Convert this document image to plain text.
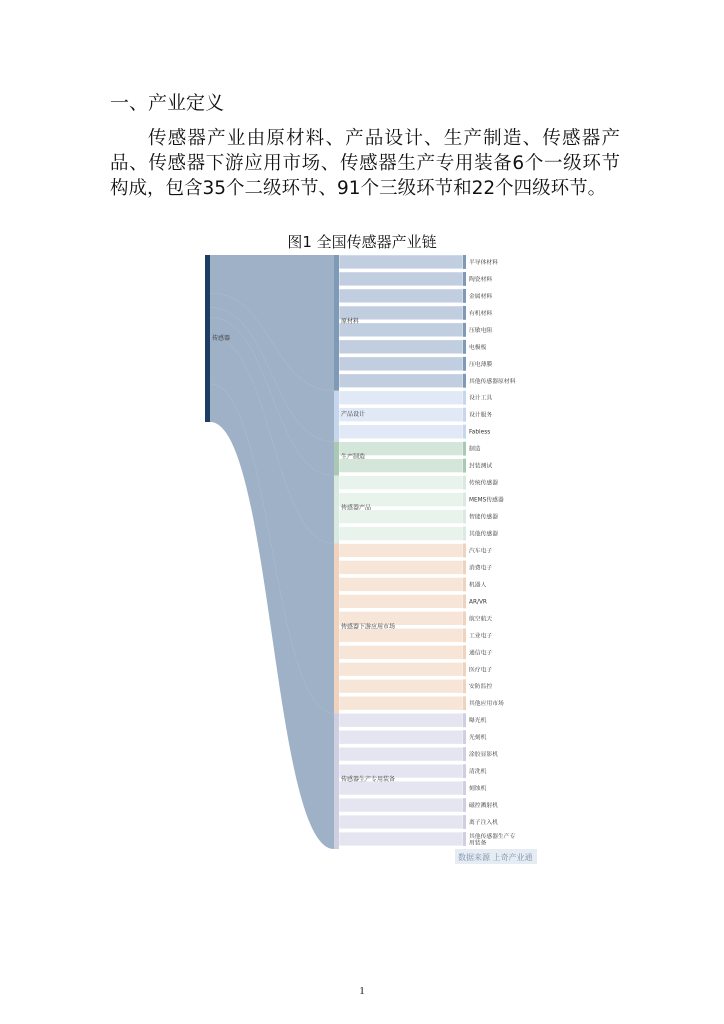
一、产业定义
传感器产业由原材料、产品设计、生产制造、传感器产品、传感器下游应用市场、传感器生产专用装备6个一级环节构成，包含35个二级环节、91个三级环节和22个四级环节。
图1 全国传感器产业链
传感器
原材料
产品设计
生产制造
传感器产品
传感器下游应用市场
传感器生产专用装备
半导体材料
陶瓷材料
金属材料
有机材料
压敏电阻
电极板
压电薄膜
其他传感器原材料
设计工具
设计服务
Fabless
制造
封装测试
传统传感器
MEMS传感器
智能传感器
其他传感器
汽车电子
消费电子
机器人
AR/VR
航空航天
工业电子
通信电子
医疗电子
安防监控
其他应用市场
曝光机
光刻机
涂胶显影机
清洗机
刻蚀机
磁控溅射机
离子注入机
其他传感器生产专用装备
数据来源 上奇产业通
1
